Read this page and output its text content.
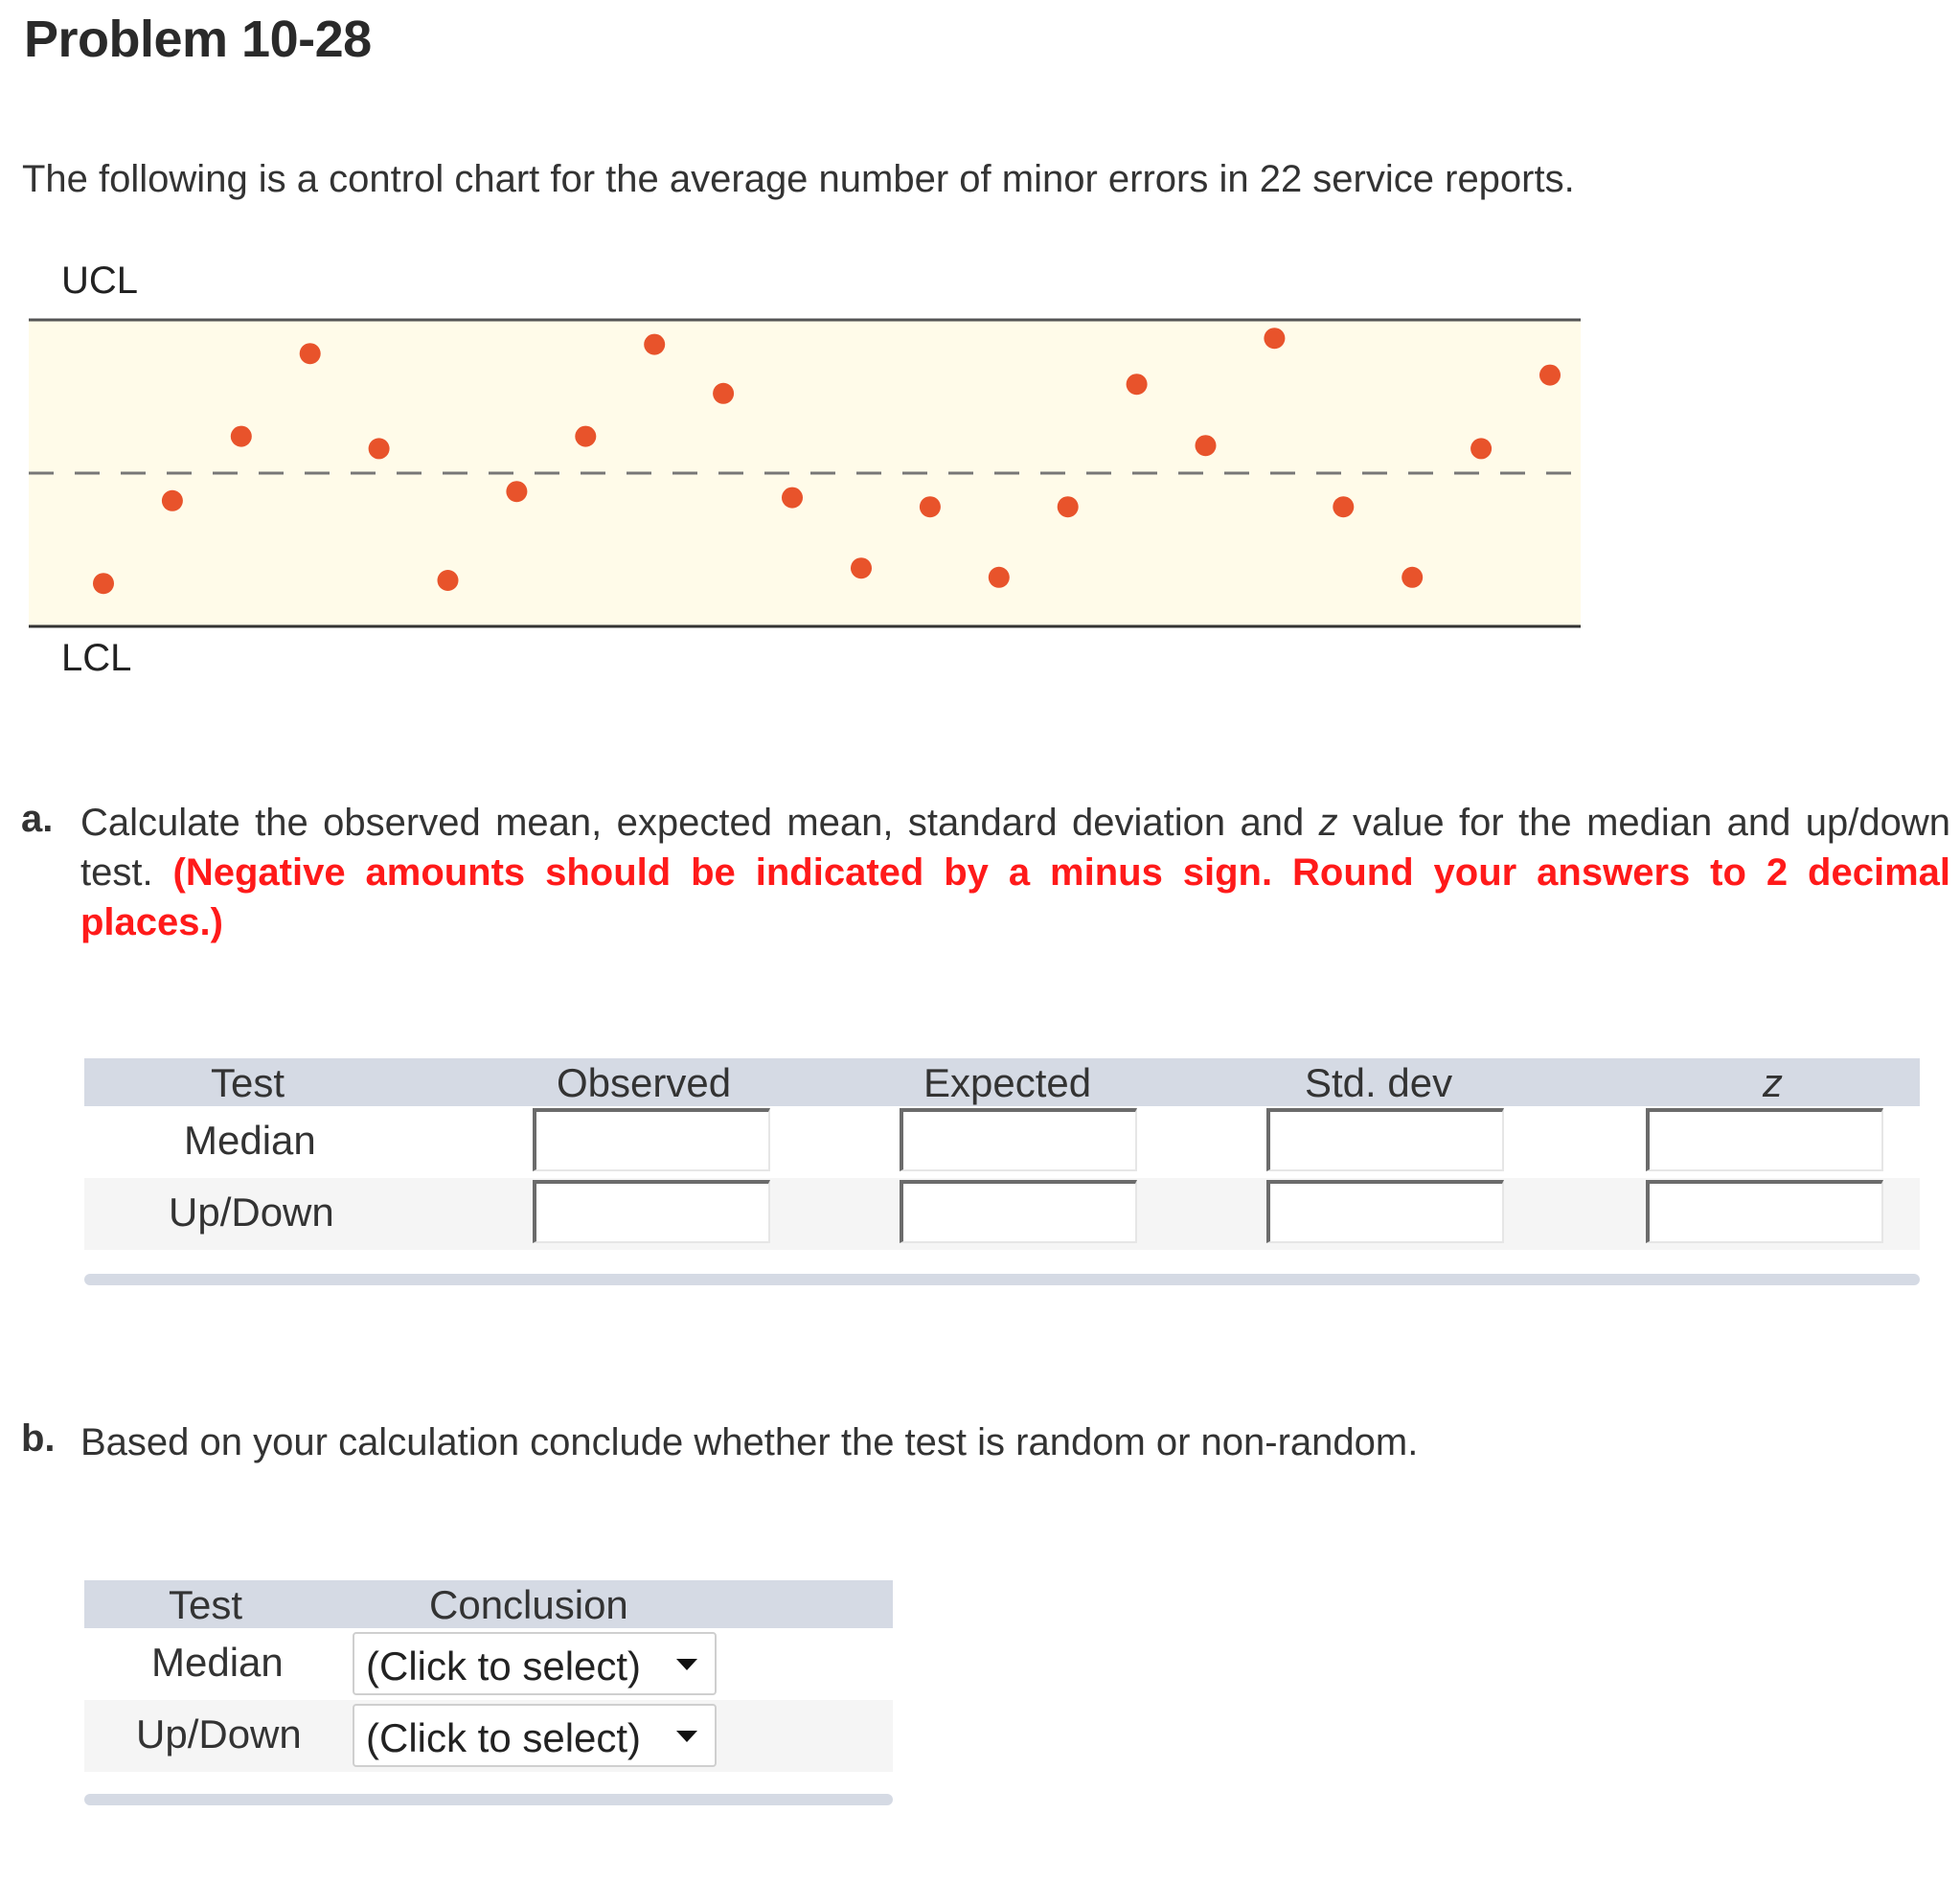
Problem 10-28
The following is a control chart for the average number of minor errors in 22 service reports.
UCL
LCL
a. Calculate the observed mean, expected mean, standard deviation and z value for the median and up/down test. (Negative amounts should be indicated by a minus sign. Round your answers to 2 decimal places.)
Test	Observed	Expected	Std. dev	z
Median
Up/Down
b. Based on your calculation conclude whether the test is random or non-random.
Test	Conclusion
Median (Click to select)
Up/Down (Click to select)
